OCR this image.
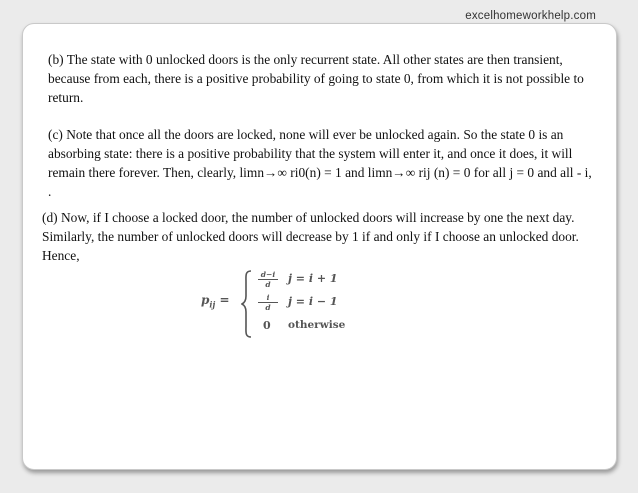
excelhomeworkhelp.com

(b) The state with 0 unlocked doors is the only recurrent state. All other states are then transient, because from each, there is a positive probability of going to state 0, from which it is not possible to return.

(c) Note that once all the doors are locked, none will ever be unlocked again. So the state 0 is an absorbing state: there is a positive probability that the system will enter it, and once it does, it will remain there forever. Then, clearly, limn→∞ ri0(n) = 1 and limn→∞ rij (n) = 0 for all j = 0 and all - i, .

(d) Now, if I choose a locked door, the number of unlocked doors will increase by one the next day. Similarly, the number of unlocked doors will decrease by 1 if and only if I choose an unlocked door. Hence,

$p_{ij}$ =
$\frac{d-i}{d}$ j = i + 1
$\frac{i}{d}$ j = i − 1
0 otherwise
